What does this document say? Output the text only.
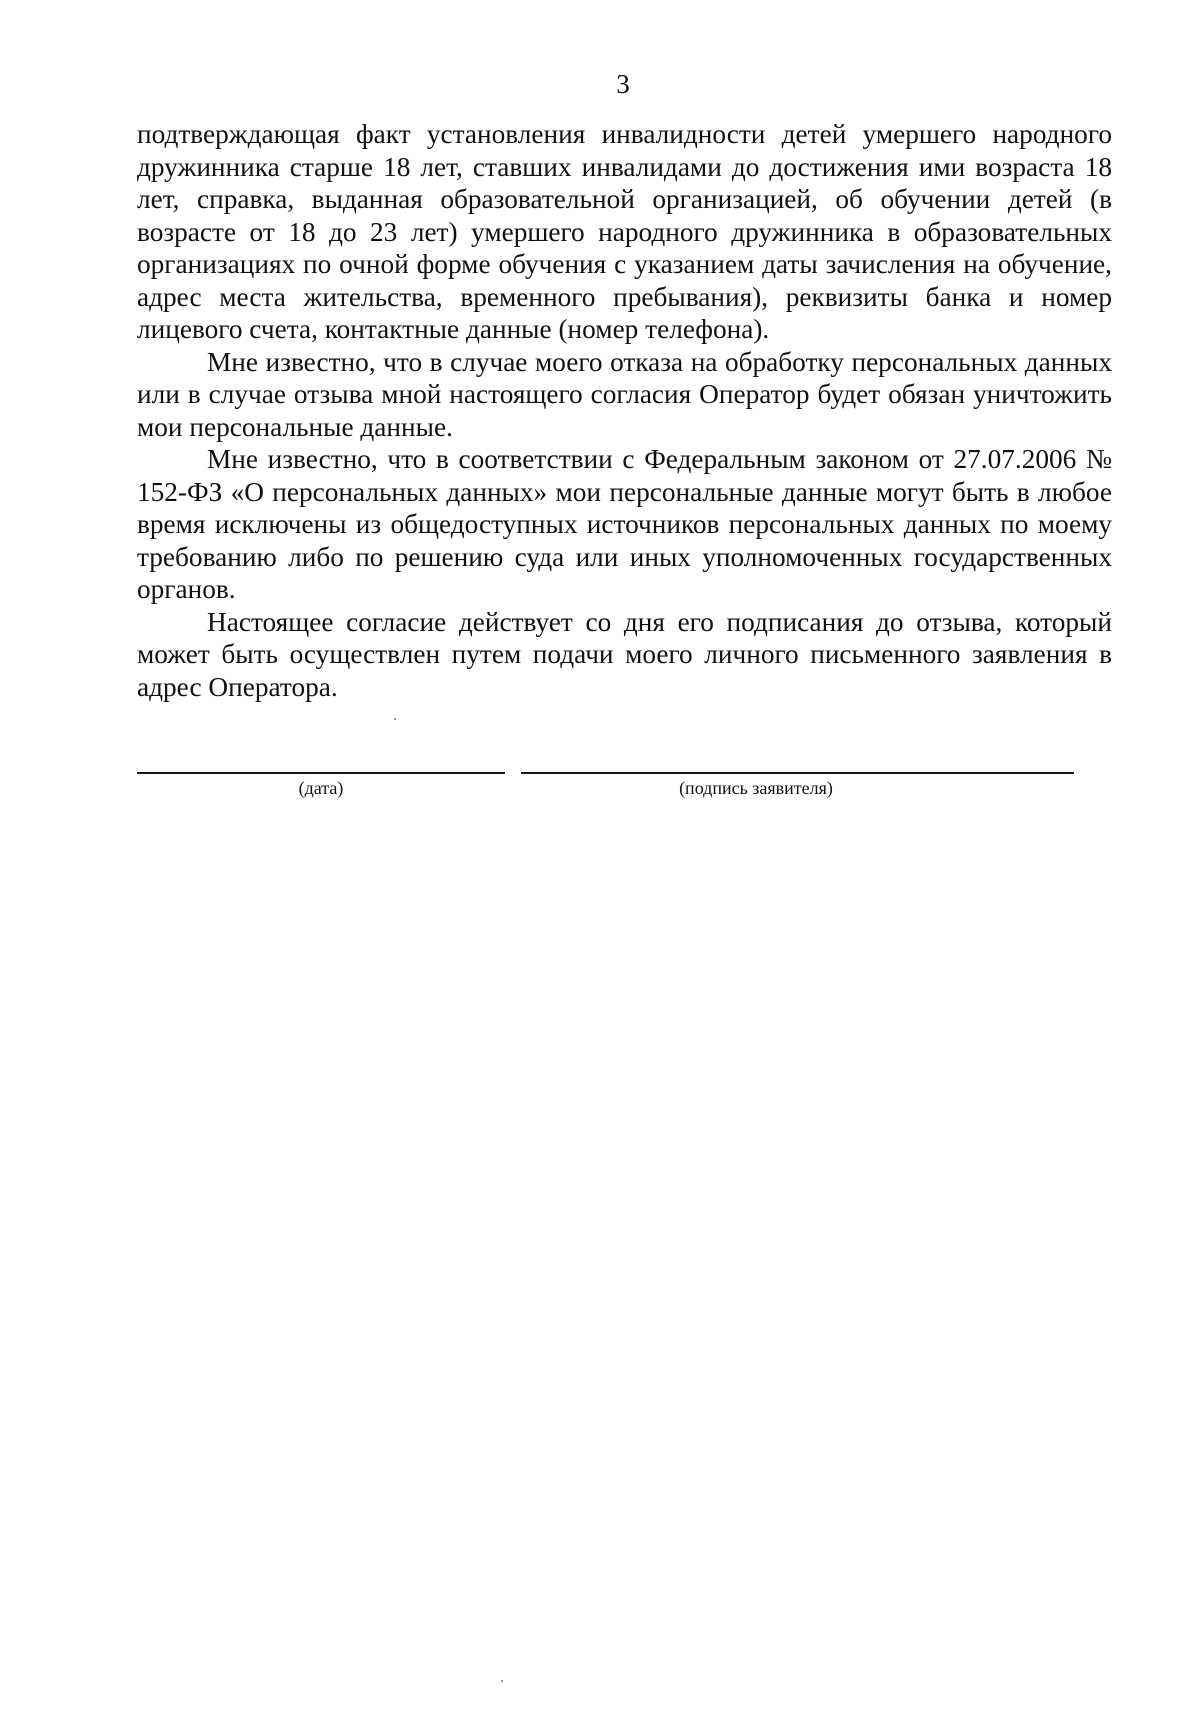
3

подтверждающая факт установления инвалидности детей умершего народного дружинника старше 18 лет, ставших инвалидами до достижения ими возраста 18 лет, справка, выданная образовательной организацией, об обучении детей (в возрасте от 18 до 23 лет) умершего народного дружинника в образовательных организациях по очной форме обучения с указанием даты зачисления на обучение, адрес места жительства, временного пребывания), реквизиты банка и номер лицевого счета, контактные данные (номер телефона).

Мне известно, что в случае моего отказа на обработку персональных данных или в случае отзыва мной настоящего согласия Оператор будет обязан уничтожить мои персональные данные.

Мне известно, что в соответствии с Федеральным законом от 27.07.2006 № 152-ФЗ «О персональных данных» мои персональные данные могут быть в любое время исключены из общедоступных источников персональных данных по моему требованию либо по решению суда или иных уполномоченных государственных органов.

Настоящее согласие действует со дня его подписания до отзыва, который может быть осуществлен путем подачи моего личного письменного заявления в адрес Оператора.

(дата)	(подпись заявителя)
